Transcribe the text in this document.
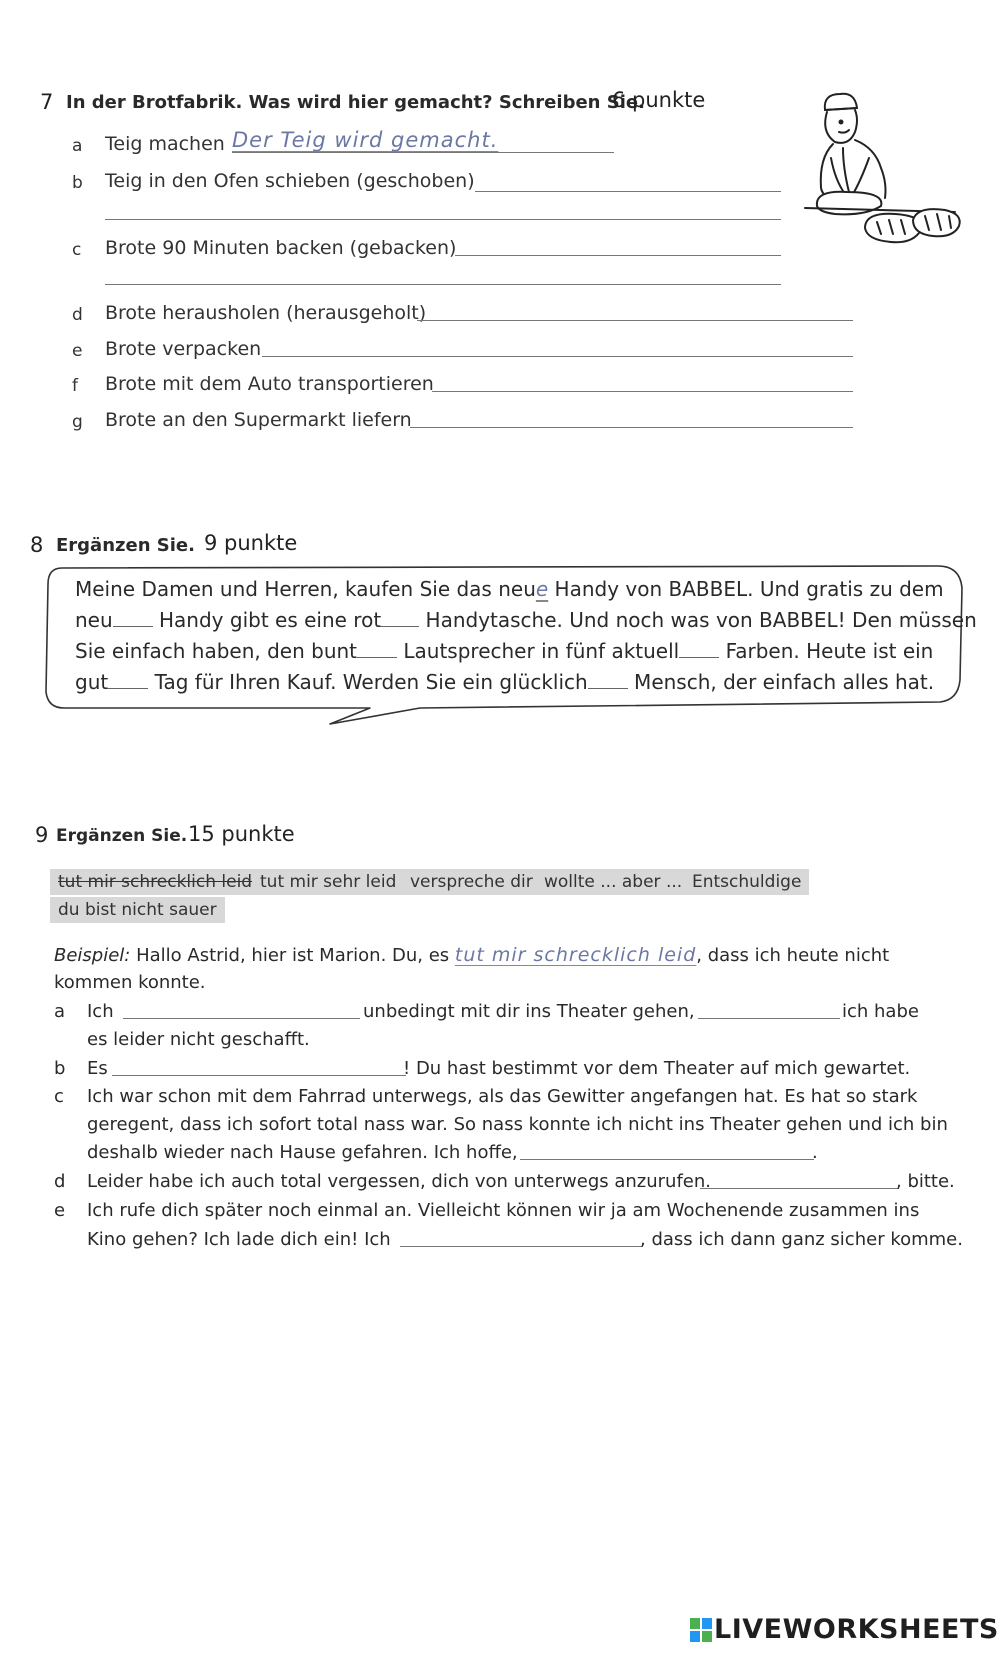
7 In der Brotfabrik. Was wird hier gemacht? Schreiben Sie.
6 punkte
a Teig machen Der Teig wird gemacht.
b Teig in den Ofen schieben (geschoben)
c Brote 90 Minuten backen (gebacken)
d Brote herausholen (herausgeholt)
e Brote verpacken
f Brote mit dem Auto transportieren
g Brote an den Supermarkt liefern
8 Ergänzen Sie. 9 punkte
Meine Damen und Herren, kaufen Sie das neue Handy von BABBEL. Und gratis zu dem
neu Handy gibt es eine rot Handytasche. Und noch was von BABBEL! Den müssen
Sie einfach haben, den bunt Lautsprecher in fünf aktuell Farben. Heute ist ein
gut Tag für Ihren Kauf. Werden Sie ein glücklich Mensch, der einfach alles hat.
9 Ergänzen Sie. 15 punkte
tut mir schrecklich leid tut mir sehr leid verspreche dir wollte ... aber ... Entschuldige
du bist nicht sauer
Beispiel: Hallo Astrid, hier ist Marion. Du, es tut mir schrecklich leid, dass ich heute nicht
kommen konnte.
a Ich	unbedingt mit dir ins Theater gehen,	ich habe
es leider nicht geschafft.
b Es	! Du hast bestimmt vor dem Theater auf mich gewartet.
c Ich war schon mit dem Fahrrad unterwegs, als das Gewitter angefangen hat. Es hat so stark
geregent, dass ich sofort total nass war. So nass konnte ich nicht ins Theater gehen und ich bin
deshalb wieder nach Hause gefahren. Ich hoffe,	.
d Leider habe ich auch total vergessen, dich von unterwegs anzurufen.	, bitte.
e Ich rufe dich später noch einmal an. Vielleicht können wir ja am Wochenende zusammen ins
Kino gehen? Ich lade dich ein! Ich	, dass ich dann ganz sicher komme.
LIVEWORKSHEETS
